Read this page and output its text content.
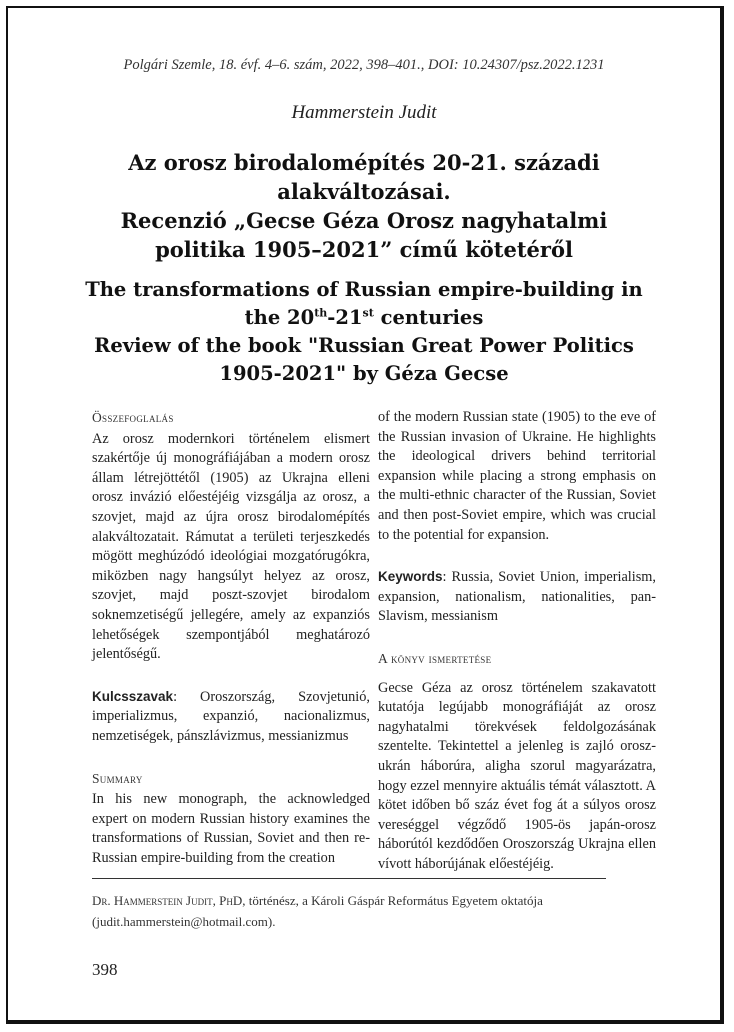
Polgári Szemle, 18. évf. 4–6. szám, 2022, 398–401., DOI: 10.24307/psz.2022.1231
Hammerstein Judit
Az orosz birodalomépítés 20-21. századi
alakváltozásai.
Recenzió „Gecse Géza Orosz nagyhatalmi
politika 1905–2021” című kötetéről
The transformations of Russian empire-building in
the 20th-21st centuries
Review of the book "Russian Great Power Politics
1905-2021" by Géza Gecse
Összefoglalás

Az orosz modernkori történelem elismert szakértője új monográfiájában a modern orosz állam létrejöttétől (1905) az Ukrajna elleni orosz invázió előestéjéig vizsgálja az orosz, a szovjet, majd az újra orosz birodalomépítés alakváltozatait. Rámutat a területi terjeszkedés mögött meghúzódó ideológiai mozgatórugókra, miközben nagy hangsúlyt helyez az orosz, szovjet, majd poszt-szovjet birodalom soknemzetiségű jellegére, amely az expanziós lehetőségek szempontjából meghatározó jelentőségű.

Kulcsszavak: Oroszország, Szovjetunió, imperializmus, expanzió, nacionalizmus, nemzetiségek, pánszlávizmus, messianizmus

Summary

In his new monograph, the acknowledged expert on modern Russian history examines the transformations of Russian, Soviet and then re-Russian empire-building from the creation

of the modern Russian state (1905) to the eve of the Russian invasion of Ukraine. He highlights the ideological drivers behind territorial expansion while placing a strong emphasis on the multi-ethnic character of the Russian, Soviet and then post-Soviet empire, which was crucial to the potential for expansion.

Keywords: Russia, Soviet Union, imperialism, expansion, nationalism, nationalities, pan-Slavism, messianism

A könyv ismertetése

Gecse Géza az orosz történelem szakavatott kutatója legújabb monográfiáját az orosz nagyhatalmi törekvések feldolgozásának szentelte. Tekintettel a jelenleg is zajló orosz-ukrán háborúra, aligha szorul magyarázatra, hogy ezzel mennyire aktuális témát választott. A kötet időben bő száz évet fog át a súlyos orosz vereséggel végződő 1905-ös japán-orosz háborútól kezdődően Oroszország Ukrajna ellen vívott háborújának előestéjéig.

Dr. Hammerstein Judit, PhD, történész, a Károli Gáspár Református Egyetem oktatója
(judit.hammerstein@hotmail.com).
398
